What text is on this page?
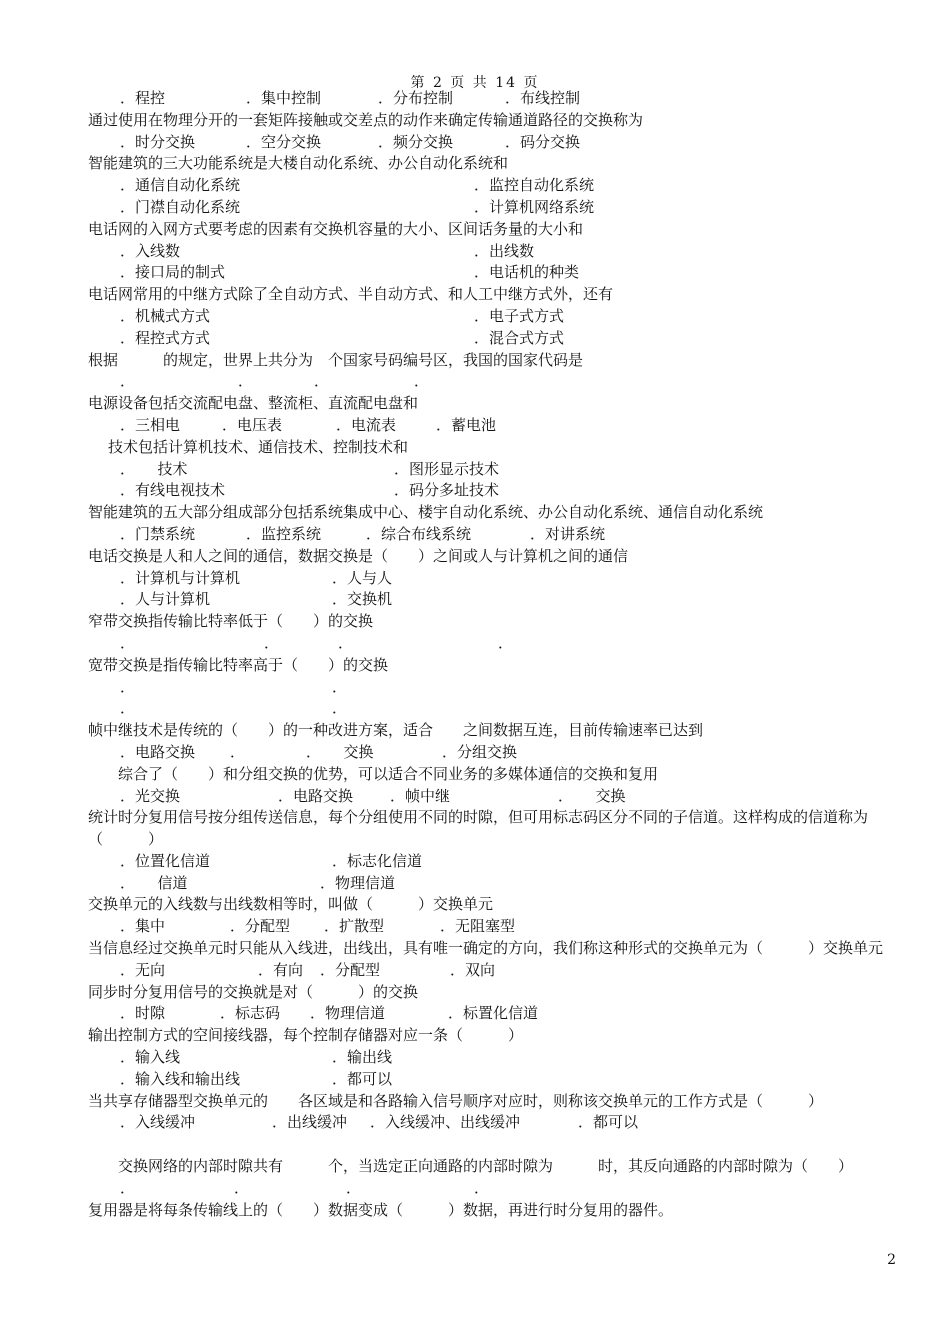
第 2 页 共 14 页
．程控	．集中控制	．分布控制	．布线控制
通过使用在物理分开的一套矩阵接触或交差点的动作来确定传输通道路径的交换称为
．时分交换	．空分交换	．频分交换	．码分交换
智能建筑的三大功能系统是大楼自动化系统、办公自动化系统和
．通信自动化系统	．监控自动化系统
．门襟自动化系统	．计算机网络系统
电话网的入网方式要考虑的因素有交换机容量的大小、区间话务量的大小和
．入线数	．出线数
．接口局的制式	．电话机的种类
电话网常用的中继方式除了全自动方式、半自动方式、和人工中继方式外，还有
．机械式方式	．电子式方式
．程控式方式	．混合式方式
根据　　　的规定，世界上共分为　个国家号码编号区，我国的国家代码是
．	．	．	．
电源设备包括交流配电盘、整流柜、直流配电盘和
．三相电	．电压表	．电流表	．蓄电池
技术包括计算机技术、通信技术、控制技术和
．　　技术	．图形显示技术
．有线电视技术	．码分多址技术
智能建筑的五大部分组成部分包括系统集成中心、楼宇自动化系统、办公自动化系统、通信自动化系统
．门禁系统	．监控系统	．综合布线系统	．对讲系统
电话交换是人和人之间的通信，数据交换是（　　）之间或人与计算机之间的通信
．计算机与计算机	．人与人
．人与计算机	．交换机
窄带交换指传输比特率低于（　　）的交换
．	．	．	．
宽带交换是指传输比特率高于（　　）的交换
．	．
．	．
帧中继技术是传统的（　　）的一种改进方案，适合　　之间数据互连，目前传输速率已达到
．电路交换 ．	．　　交换	．分组交换
综合了（　　）和分组交换的优势，可以适合不同业务的多媒体通信的交换和复用
．光交换	．电路交换 ．帧中继	．　　交换
统计时分复用信号按分组传送信息，每个分组使用不同的时隙，但可用标志码区分不同的子信道。这样构成的信道称为（　　　）
．位置化信道	．标志化信道
．　　信道	．物理信道
交换单元的入线数与出线数相等时，叫做（　　　）交换单元
．集中	．分配型 ．扩散型	．无阻塞型
当信息经过交换单元时只能从入线进，出线出，具有唯一确定的方向，我们称这种形式的交换单元为（　　　）交换单元
．无向	．有向 ．分配型	．双向
同步时分复用信号的交换就是对（　　　）的交换
．时隙	．标志码 ．物理信道	．标置化信道
输出控制方式的空间接线器，每个控制存储器对应一条（　　　）
．输入线	．输出线
．输入线和输出线	．都可以
当共享存储器型交换单元的　　各区域是和各路输入信号顺序对应时，则称该交换单元的工作方式是（　　　）
．入线缓冲	．出线缓冲 ．入线缓冲、出线缓冲	．都可以
交换网络的内部时隙共有　　　个，当选定正向通路的内部时隙为　　　时，其反向通路的内部时隙为（　　）
．	．	．	．
复用器是将每条传输线上的（　　）数据变成（　　　）数据，再进行时分复用的器件。
2
